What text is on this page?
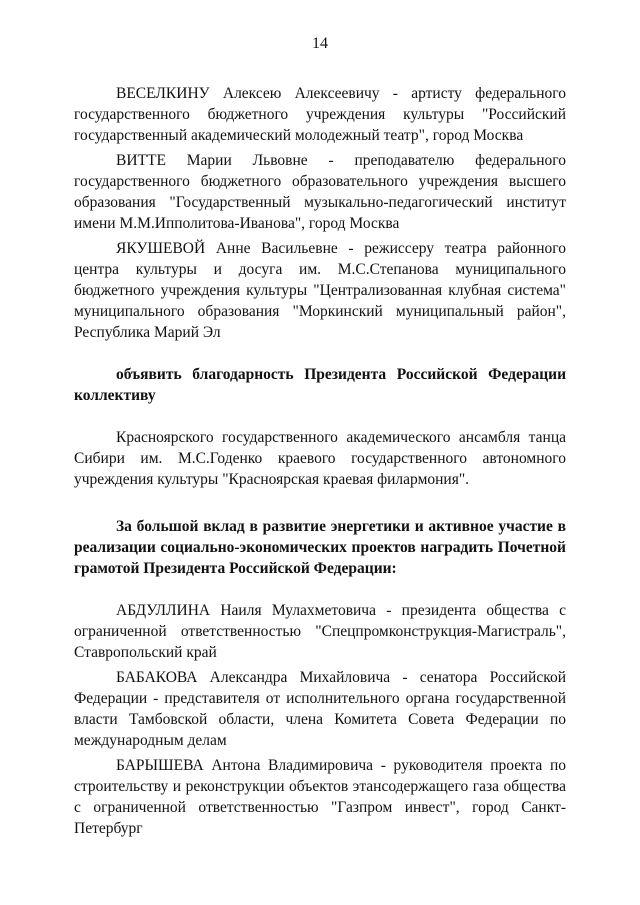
14

ВЕСЕЛКИНУ Алексею Алексеевичу - артисту федерального государственного бюджетного учреждения культуры "Российский государственный академический молодежный театр", город Москва

ВИТТЕ Марии Львовне - преподавателю федерального государственного бюджетного образовательного учреждения высшего образования "Государственный музыкально-педагогический институт имени М.М.Ипполитова-Иванова", город Москва

ЯКУШЕВОЙ Анне Васильевне - режиссеру театра районного центра культуры и досуга им. М.С.Степанова муниципального бюджетного учреждения культуры "Централизованная клубная система" муниципального образования "Моркинский муниципальный район", Республика Марий Эл

объявить благодарность Президента Российской Федерации коллективу

Красноярского государственного академического ансамбля танца Сибири им. М.С.Годенко краевого государственного автономного учреждения культуры "Красноярская краевая филармония".

За большой вклад в развитие энергетики и активное участие в реализации социально-экономических проектов наградить Почетной грамотой Президента Российской Федерации:

АБДУЛЛИНА Наиля Мулахметовича - президента общества с ограниченной ответственностью "Спецпромконструкция-Магистраль", Ставропольский край

БАБАКОВА Александра Михайловича - сенатора Российской Федерации - представителя от исполнительного органа государственной власти Тамбовской области, члена Комитета Совета Федерации по международным делам

БАРЫШЕВА Антона Владимировича - руководителя проекта по строительству и реконструкции объектов этансодержащего газа общества с ограниченной ответственностью "Газпром инвест", город Санкт-Петербург
